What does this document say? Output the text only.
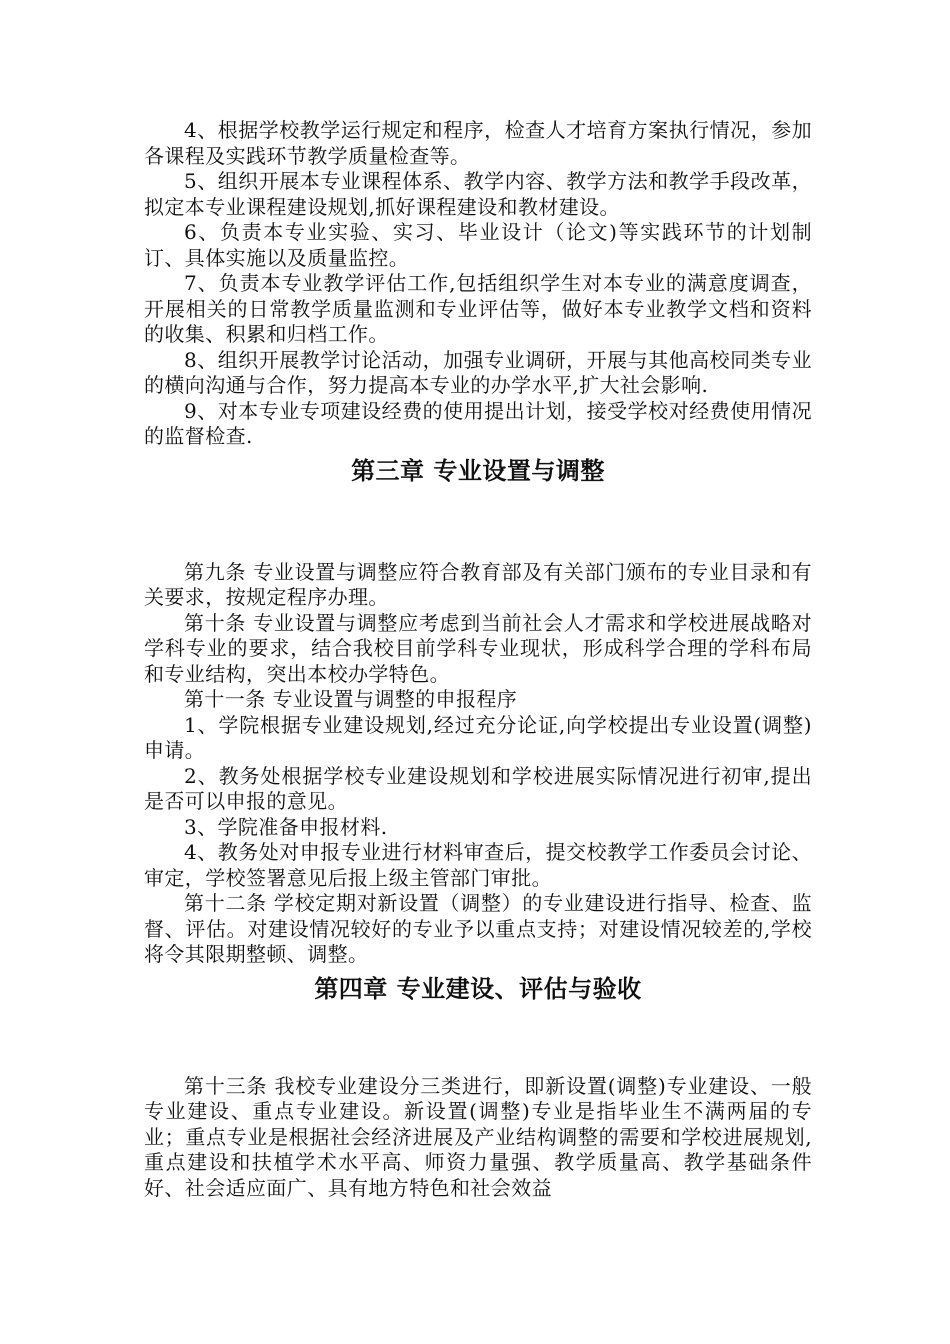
4、根据学校教学运行规定和程序，检查人才培育方案执行情况，参加各课程及实践环节教学质量检查等。

5、组织开展本专业课程体系、教学内容、教学方法和教学手段改革，拟定本专业课程建设规划,抓好课程建设和教材建设。

6、负责本专业实验、实习、毕业设计（论文)等实践环节的计划制订、具体实施以及质量监控。

7、负责本专业教学评估工作,包括组织学生对本专业的满意度调查，开展相关的日常教学质量监测和专业评估等，做好本专业教学文档和资料的收集、积累和归档工作。

8、组织开展教学讨论活动，加强专业调研，开展与其他高校同类专业的横向沟通与合作，努力提高本专业的办学水平,扩大社会影响.

9、对本专业专项建设经费的使用提出计划，接受学校对经费使用情况的监督检查.

第三章 专业设置与调整

第九条 专业设置与调整应符合教育部及有关部门颁布的专业目录和有关要求，按规定程序办理。

第十条 专业设置与调整应考虑到当前社会人才需求和学校进展战略对学科专业的要求，结合我校目前学科专业现状，形成科学合理的学科布局和专业结构，突出本校办学特色。

第十一条 专业设置与调整的申报程序

1、学院根据专业建设规划,经过充分论证,向学校提出专业设置(调整)申请。

2、教务处根据学校专业建设规划和学校进展实际情况进行初审,提出是否可以申报的意见。

3、学院准备申报材料.

4、教务处对申报专业进行材料审查后，提交校教学工作委员会讨论、审定，学校签署意见后报上级主管部门审批。

第十二条 学校定期对新设置（调整）的专业建设进行指导、检查、监督、评估。对建设情况较好的专业予以重点支持；对建设情况较差的,学校将令其限期整顿、调整。

第四章 专业建设、评估与验收

第十三条 我校专业建设分三类进行，即新设置(调整)专业建设、一般专业建设、重点专业建设。新设置(调整)专业是指毕业生不满两届的专业；重点专业是根据社会经济进展及产业结构调整的需要和学校进展规划,重点建设和扶植学术水平高、师资力量强、教学质量高、教学基础条件好、社会适应面广、具有地方特色和社会效益
